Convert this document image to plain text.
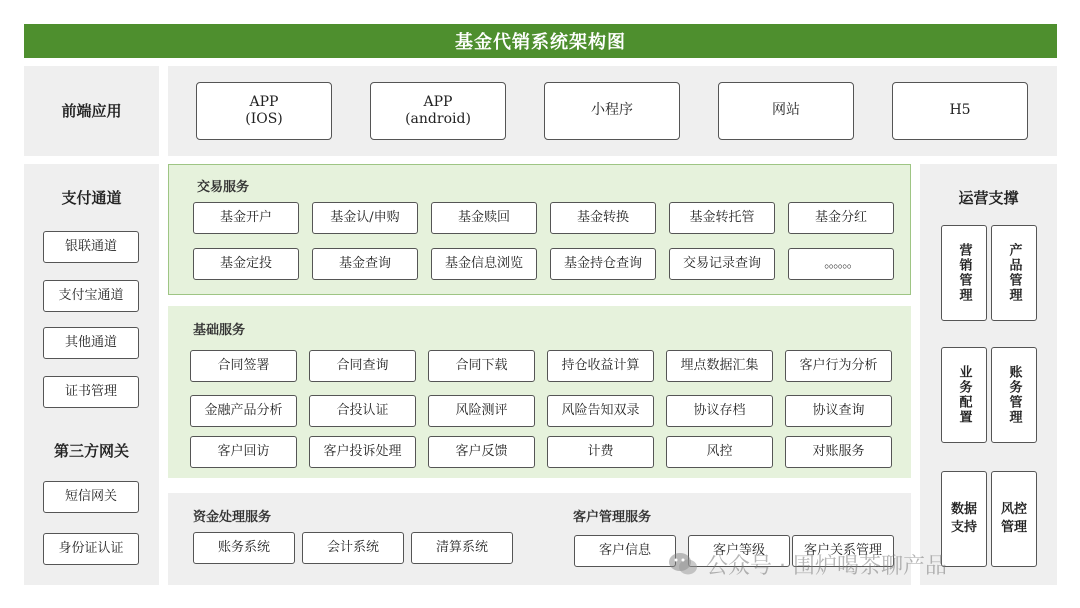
基金代销系统架构图
前端应用
APP
(IOS)
APP
(android)
小程序	网站	H5
支付通道
银联通道
支付宝通道
其他通道
证书管理
第三方网关
短信网关
身份证认证
交易服务
基金开户	基金认/申购	基金赎回	基金转换	基金转托管	基金分红
基金定投	基金查询	基金信息浏览	基金持仓查询	交易记录查询	。。。。。。
基础服务
合同签署	合同查询	合同下载	持仓收益计算	埋点数据汇集	客户行为分析
金融产品分析	合投认证	风险测评	风险告知双录	协议存档	协议查询
客户回访	客户投诉处理	客户反馈	计费	风控	对账服务
资金处理服务
账务系统	会计系统	清算系统
客户管理服务
客户信息	客户等级	客户关系管理
运营支撑
营销管理	产品管理
业务配置	账务管理
数据支持
风控管理
公众号 · 围炉喝茶聊产品
